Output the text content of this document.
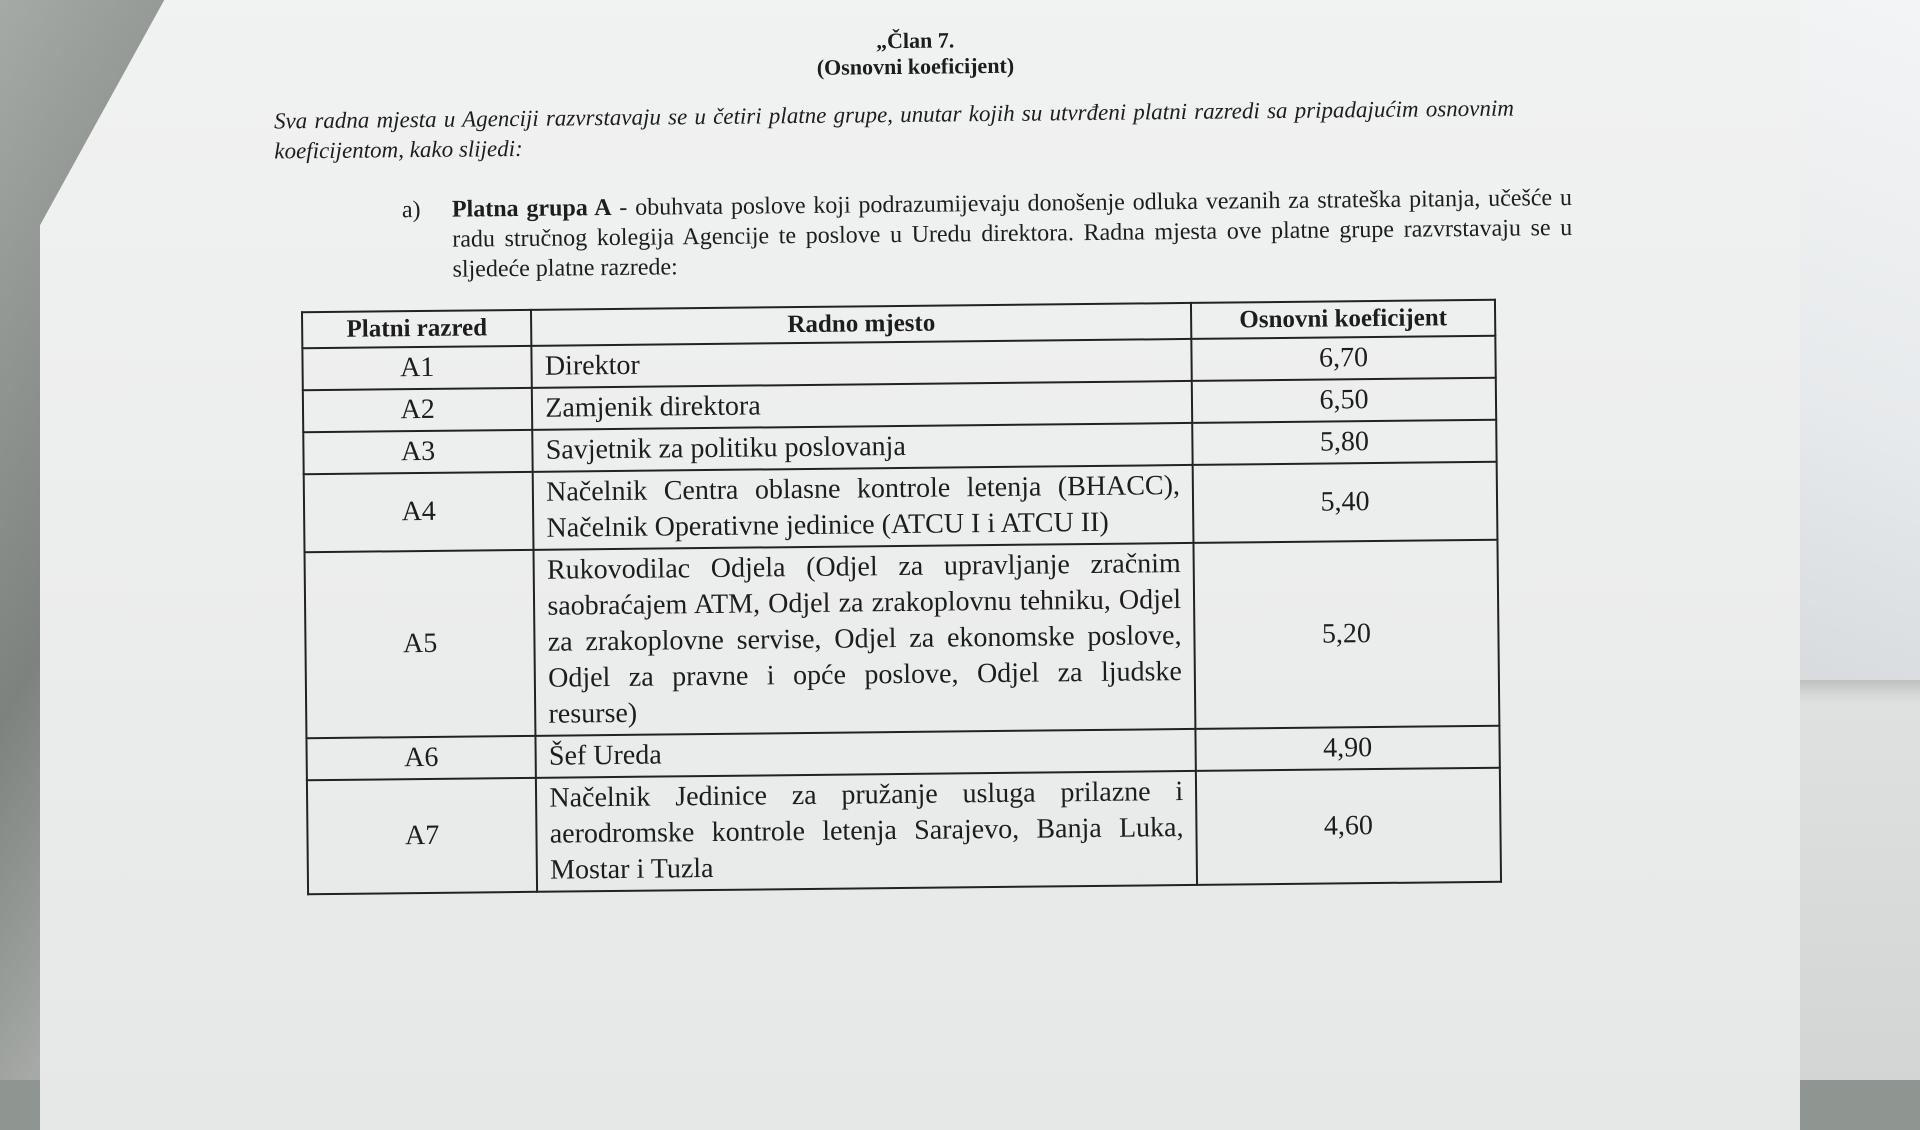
„Član 7.
(Osnovni koeficijent)
Sva radna mjesta u Agenciji razvrstavaju se u četiri platne grupe, unutar kojih su utvrđeni platni razredi sa pripadajućim osnovnim koeficijentom, kako slijedi:
a) Platna grupa A - obuhvata poslove koji podrazumijevaju donošenje odluka vezanih za strateška pitanja, učešće u radu stručnog kolegija Agencije te poslove u Uredu direktora. Radna mjesta ove platne grupe razvrstavaju se u sljedeće platne razrede:
Platni razred	Radno mjesto	Osnovni koeficijent
A1	Direktor	6,70
A2	Zamjenik direktora	6,50
A3	Savjetnik za politiku poslovanja	5,80
A4	Načelnik Centra oblasne kontrole letenja (BHACC), Načelnik Operativne jedinice (ATCU I i ATCU II)	5,40
A5	Rukovodilac Odjela (Odjel za upravljanje zračnim saobraćajem ATM, Odjel za zrakoplovnu tehniku, Odjel za zrakoplovne servise, Odjel za ekonomske poslove, Odjel za pravne i opće poslove, Odjel za ljudske resurse)	5,20
A6	Šef Ureda	4,90
A7	Načelnik Jedinice za pružanje usluga prilazne i aerodromske kontrole letenja Sarajevo, Banja Luka, Mostar i Tuzla	4,60
